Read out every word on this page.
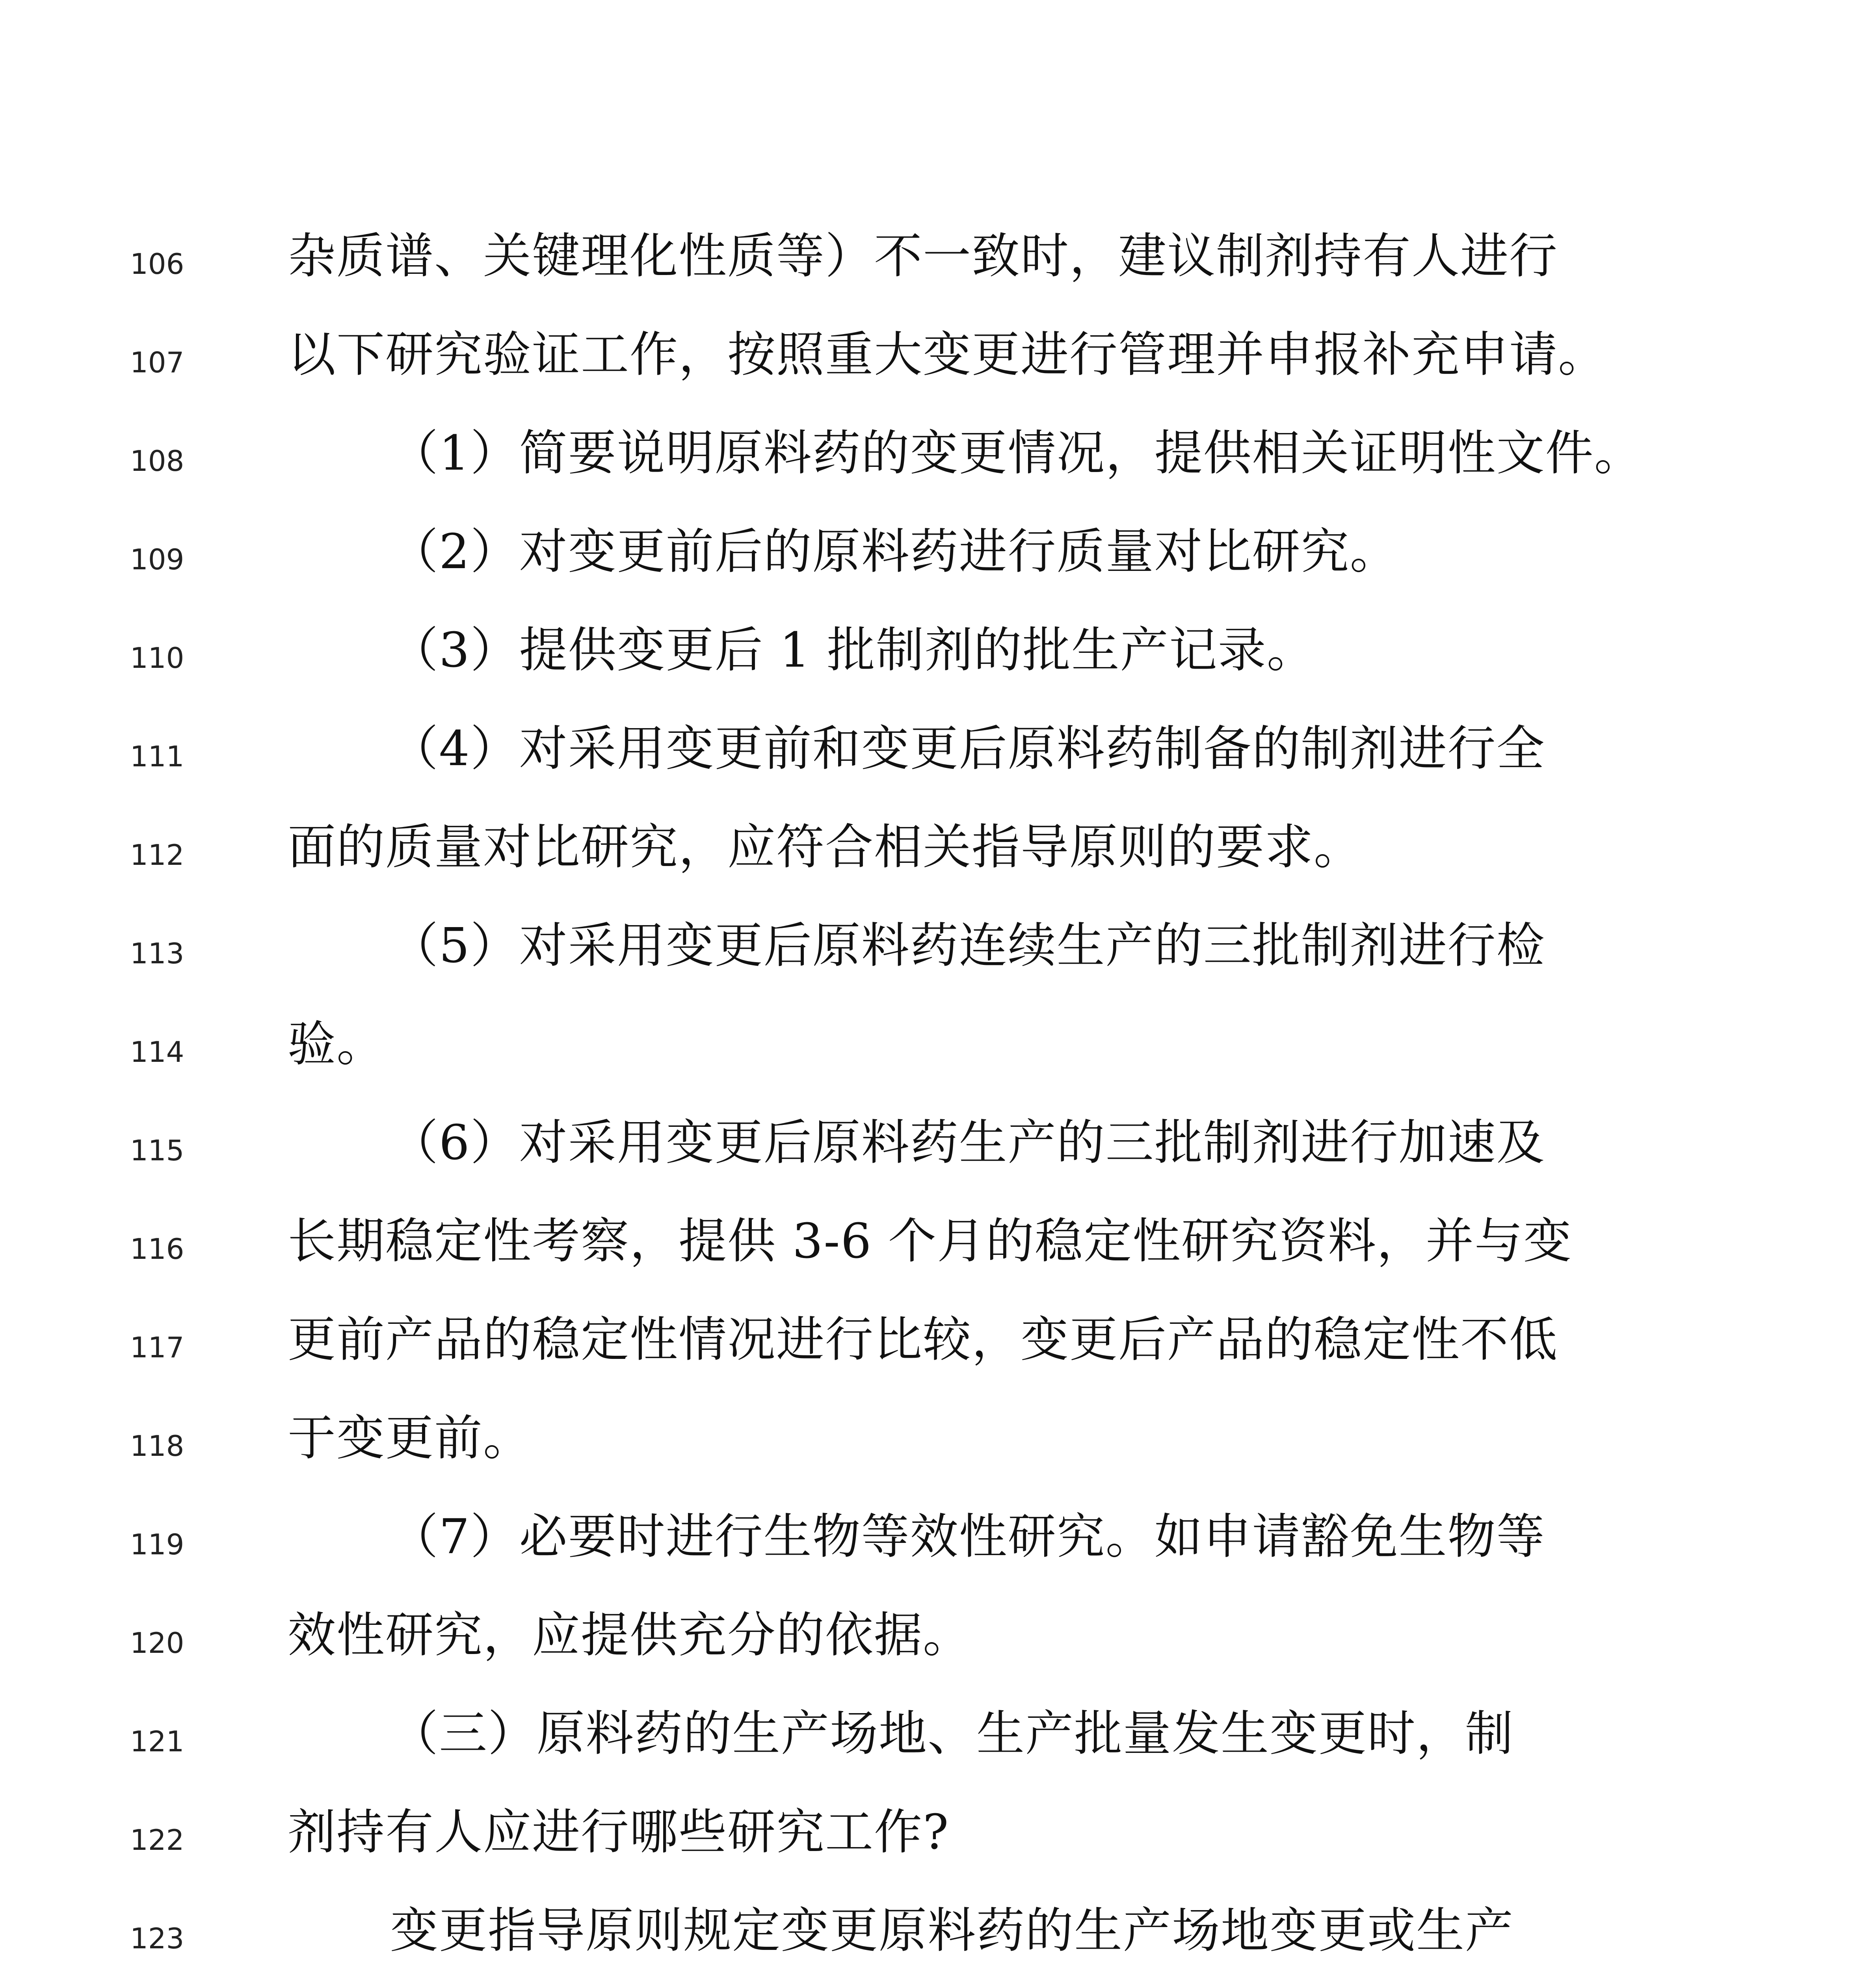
106	杂质谱、关键理化性质等）不一致时，建议制剂持有人进行
107	以下研究验证工作，按照重大变更进行管理并申报补充申请。
108	（1）简要说明原料药的变更情况，提供相关证明性文件。
109	（2）对变更前后的原料药进行质量对比研究。
110	（3）提供变更后 1 批制剂的批生产记录。
111	（4）对采用变更前和变更后原料药制备的制剂进行全
112	面的质量对比研究，应符合相关指导原则的要求。
113	（5）对采用变更后原料药连续生产的三批制剂进行检
114	验。
115	（6）对采用变更后原料药生产的三批制剂进行加速及
116	长期稳定性考察，提供 3-6 个月的稳定性研究资料，并与变
117	更前产品的稳定性情况进行比较，变更后产品的稳定性不低
118	于变更前。
119	（7）必要时进行生物等效性研究。如申请豁免生物等
120	效性研究，应提供充分的依据。
121	（三）原料药的生产场地、生产批量发生变更时，制
122	剂持有人应进行哪些研究工作?
123	变更指导原则规定变更原料药的生产场地变更或生产
